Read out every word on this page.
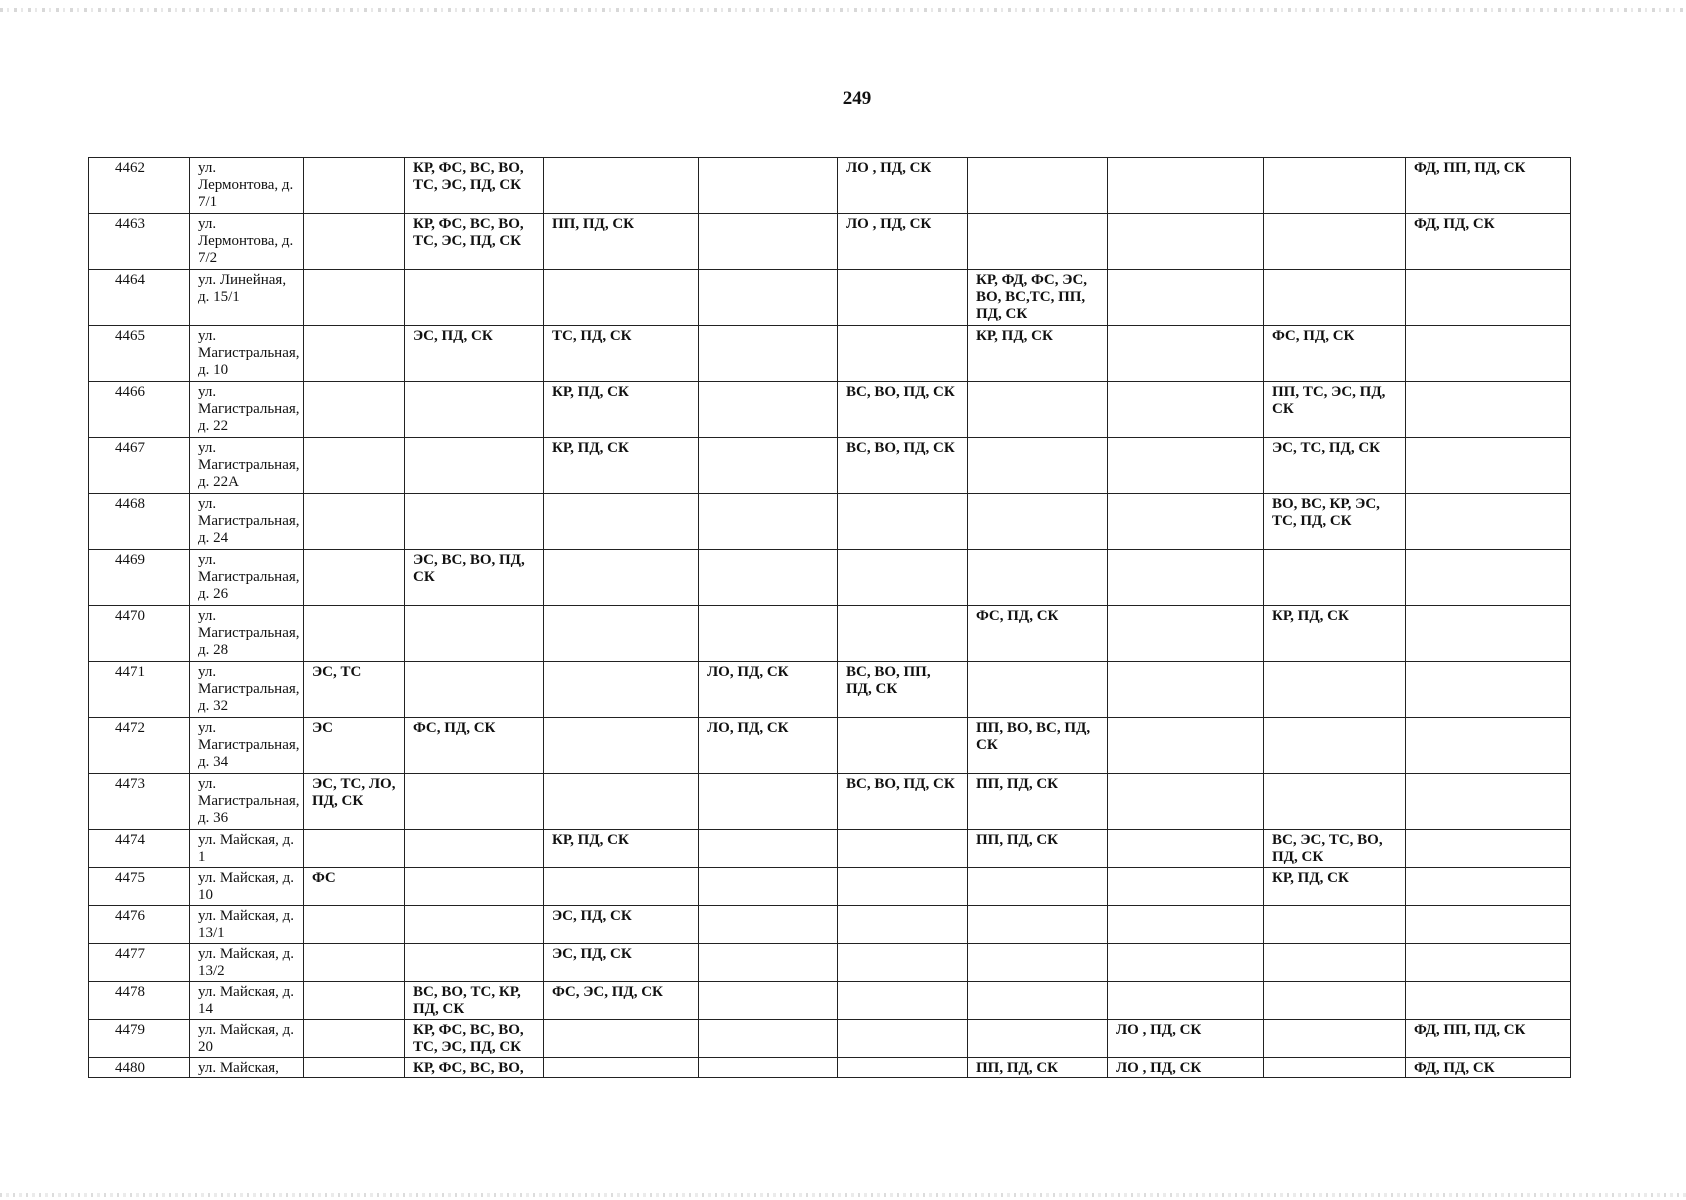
249
4462	ул. Лермонтова, д. 7/1		КР, ФС, ВС, ВО, ТС, ЭС, ПД, СК			ЛО , ПД, СК				ФД, ПП, ПД, СК
4463	ул. Лермонтова, д. 7/2		КР, ФС, ВС, ВО, ТС, ЭС, ПД, СК	ПП, ПД, СК		ЛО , ПД, СК				ФД, ПД, СК
4464	ул. Линейная, д. 15/1						КР, ФД, ФС, ЭС, ВО, ВС,ТС, ПП, ПД, СК			
4465	ул. Магистральная, д. 10		ЭС, ПД, СК	ТС, ПД, СК			КР, ПД, СК		ФС, ПД, СК	
4466	ул. Магистральная, д. 22			КР, ПД, СК		ВС, ВО, ПД, СК			ПП, ТС, ЭС, ПД, СК	
4467	ул. Магистральная, д. 22А			КР, ПД, СК		ВС, ВО, ПД, СК			ЭС, ТС, ПД, СК	
4468	ул. Магистральная, д. 24								ВО, ВС, КР, ЭС, ТС, ПД, СК	
4469	ул. Магистральная, д. 26		ЭС, ВС, ВО, ПД, СК							
4470	ул. Магистральная, д. 28						ФС, ПД, СК		КР, ПД, СК	
4471	ул. Магистральная, д. 32	ЭС, ТС			ЛО, ПД, СК	ВС, ВО, ПП, ПД, СК				
4472	ул. Магистральная, д. 34	ЭС	ФС, ПД, СК		ЛО, ПД, СК		ПП, ВО, ВС, ПД, СК			
4473	ул. Магистральная, д. 36	ЭС, ТС, ЛО, ПД, СК				ВС, ВО, ПД, СК	ПП, ПД, СК			
4474	ул. Майская, д. 1			КР, ПД, СК			ПП, ПД, СК		ВС, ЭС, ТС, ВО, ПД, СК	
4475	ул. Майская, д. 10	ФС							КР, ПД, СК	
4476	ул. Майская, д. 13/1			ЭС, ПД, СК						
4477	ул. Майская, д. 13/2			ЭС, ПД, СК						
4478	ул. Майская, д. 14		ВС, ВО, ТС, КР, ПД, СК	ФС, ЭС, ПД, СК						
4479	ул. Майская, д. 20		КР, ФС, ВС, ВО, ТС, ЭС, ПД, СК					ЛО , ПД, СК		ФД, ПП, ПД, СК
4480	ул. Майская,		КР, ФС, ВС, ВО,				ПП, ПД, СК	ЛО , ПД, СК		ФД, ПД, СК
